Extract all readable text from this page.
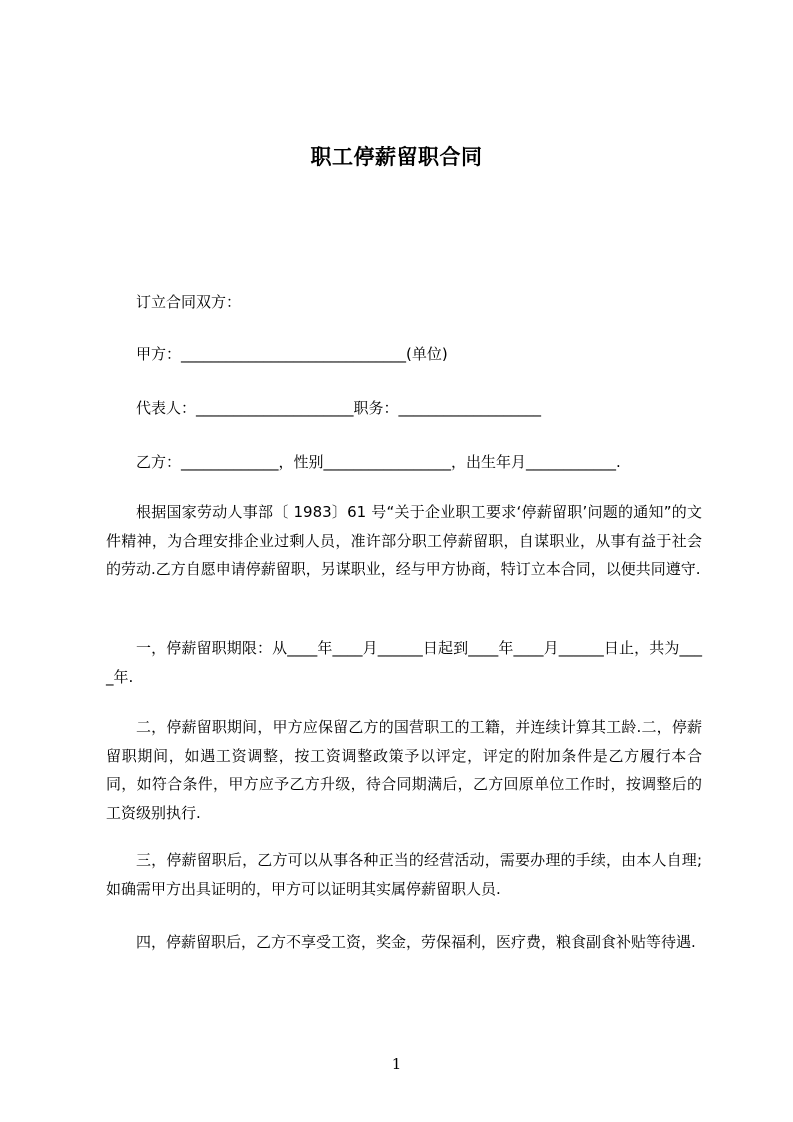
职工停薪留职合同
订立合同双方：
甲方：______________________________(单位)
代表人：_____________________职务：___________________
乙方：_____________，性别_________________，出生年月____________.
根据国家劳动人事部〔 1983〕61 号“关于企业职工要求‘停薪留职’问题的通知”的文件精神，为合理安排企业过剩人员，准许部分职工停薪留职，自谋职业，从事有益于社会的劳动.乙方自愿申请停薪留职，另谋职业，经与甲方协商，特订立本合同，以便共同遵守.
一，停薪留职期限：从____年____月______日起到____年____月______日止，共为____年.
二，停薪留职期间，甲方应保留乙方的国营职工的工籍，并连续计算其工龄.二，停薪留职期间，如遇工资调整，按工资调整政策予以评定，评定的附加条件是乙方履行本合同，如符合条件，甲方应予乙方升级，待合同期满后，乙方回原单位工作时，按调整后的工资级别执行.
三，停薪留职后，乙方可以从事各种正当的经营活动，需要办理的手续，由本人自理;如确需甲方出具证明的，甲方可以证明其实属停薪留职人员.
四，停薪留职后，乙方不享受工资，奖金，劳保福利，医疗费，粮食副食补贴等待遇.
1
